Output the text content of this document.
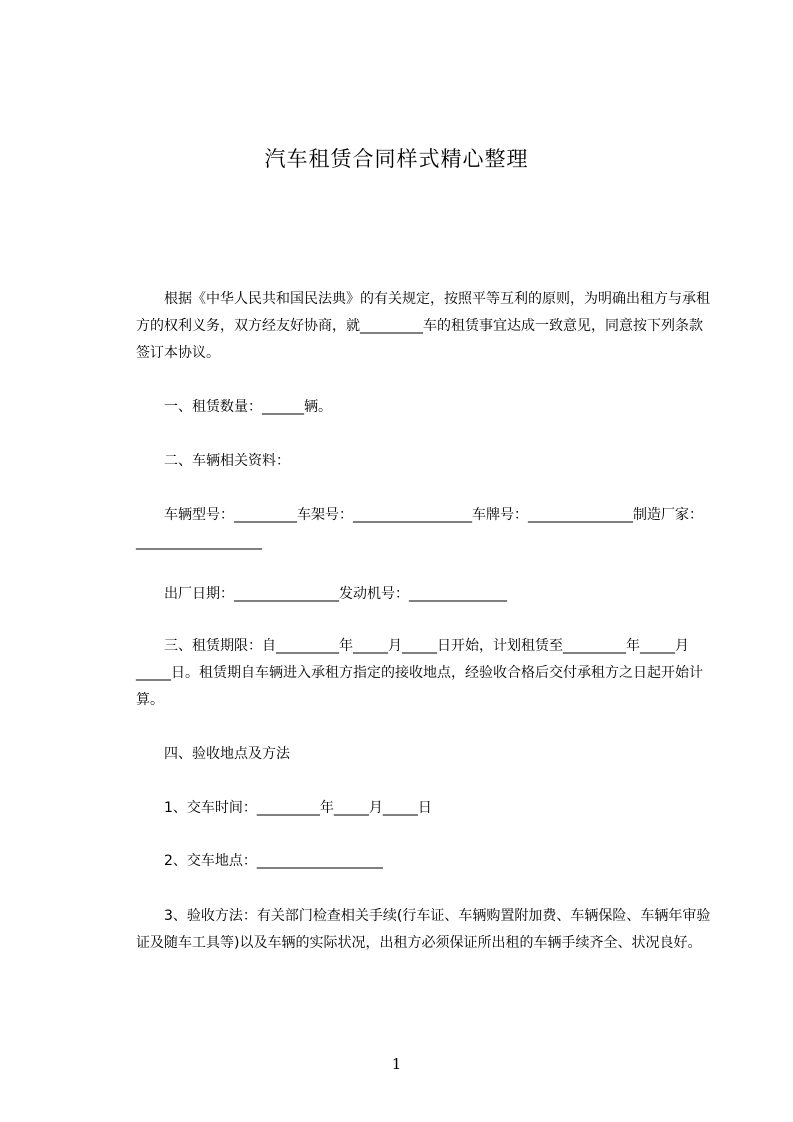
汽车租赁合同样式精心整理
　　根据《中华人民共和国民法典》的有关规定，按照平等互利的原则，为明确出租方与承租方的权利义务，双方经友好协商，就_________车的租赁事宜达成一致意见，同意按下列条款签订本协议。
　　一、租赁数量：______辆。
　　二、车辆相关资料：
　　车辆型号：_________车架号：_________________车牌号：_______________制造厂家：__________________
　　出厂日期：_______________发动机号：______________
　　三、租赁期限：自_________年_____月_____日开始，计划租赁至_________年_____月_____日。租赁期自车辆进入承租方指定的接收地点，经验收合格后交付承租方之日起开始计算。
　　四、验收地点及方法
　　1、交车时间：_________年_____月_____日
　　2、交车地点：__________________
　　3、验收方法：有关部门检查相关手续(行车证、车辆购置附加费、车辆保险、车辆年审验证及随车工具等)以及车辆的实际状况，出租方必须保证所出租的车辆手续齐全、状况良好。
1
